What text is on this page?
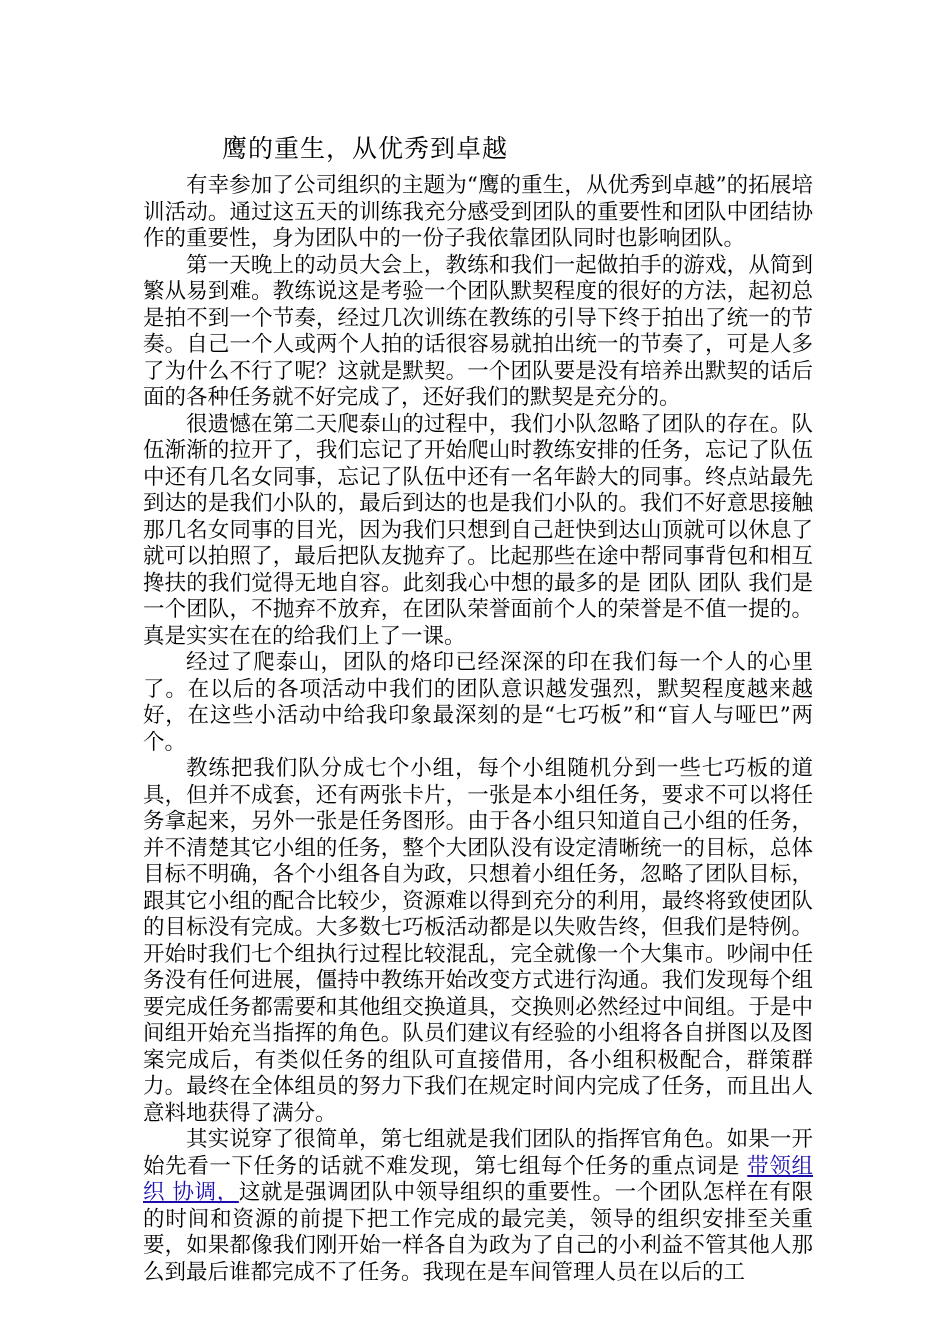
鹰的重生，从优秀到卓越

有幸参加了公司组织的主题为“鹰的重生，从优秀到卓越”的拓展培训活动。通过这五天的训练我充分感受到团队的重要性和团队中团结协作的重要性，身为团队中的一份子我依靠团队同时也影响团队。

第一天晚上的动员大会上，教练和我们一起做拍手的游戏，从简到繁从易到难。教练说这是考验一个团队默契程度的很好的方法，起初总是拍不到一个节奏，经过几次训练在教练的引导下终于拍出了统一的节奏。自己一个人或两个人拍的话很容易就拍出统一的节奏了，可是人多了为什么不行了呢？这就是默契。一个团队要是没有培养出默契的话后面的各种任务就不好完成了，还好我们的默契是充分的。

很遗憾在第二天爬泰山的过程中，我们小队忽略了团队的存在。队伍渐渐的拉开了，我们忘记了开始爬山时教练安排的任务，忘记了队伍中还有几名女同事，忘记了队伍中还有一名年龄大的同事。终点站最先到达的是我们小队的，最后到达的也是我们小队的。我们不好意思接触那几名女同事的目光，因为我们只想到自己赶快到达山顶就可以休息了就可以拍照了，最后把队友抛弃了。比起那些在途中帮同事背包和相互搀扶的我们觉得无地自容。此刻我心中想的最多的是 团队 团队 我们是一个团队，不抛弃不放弃，在团队荣誉面前个人的荣誉是不值一提的。真是实实在在的给我们上了一课。

经过了爬泰山，团队的烙印已经深深的印在我们每一个人的心里了。在以后的各项活动中我们的团队意识越发强烈，默契程度越来越好，在这些小活动中给我印象最深刻的是“七巧板”和“盲人与哑巴”两个。

教练把我们队分成七个小组，每个小组随机分到一些七巧板的道具，但并不成套，还有两张卡片，一张是本小组任务，要求不可以将任务拿起来，另外一张是任务图形。由于各小组只知道自己小组的任务，并不清楚其它小组的任务，整个大团队没有设定清晰统一的目标，总体目标不明确，各个小组各自为政，只想着小组任务，忽略了团队目标，跟其它小组的配合比较少，资源难以得到充分的利用，最终将致使团队的目标没有完成。大多数七巧板活动都是以失败告终，但我们是特例。开始时我们七个组执行过程比较混乱，完全就像一个大集市。吵闹中任务没有任何进展，僵持中教练开始改变方式进行沟通。我们发现每个组要完成任务都需要和其他组交换道具，交换则必然经过中间组。于是中间组开始充当指挥的角色。队员们建议有经验的小组将各自拼图以及图案完成后，有类似任务的组队可直接借用，各小组积极配合，群策群力。最终在全体组员的努力下我们在规定时间内完成了任务，而且出人意料地获得了满分。

其实说穿了很简单，第七组就是我们团队的指挥官角色。如果一开始先看一下任务的话就不难发现，第七组每个任务的重点词是 带领组织 协调，这就是强调团队中领导组织的重要性。一个团队怎样在有限的时间和资源的前提下把工作完成的最完美，领导的组织安排至关重要，如果都像我们刚开始一样各自为政为了自己的小利益不管其他人那么到最后谁都完成不了任务。我现在是车间管理人员在以后的工
